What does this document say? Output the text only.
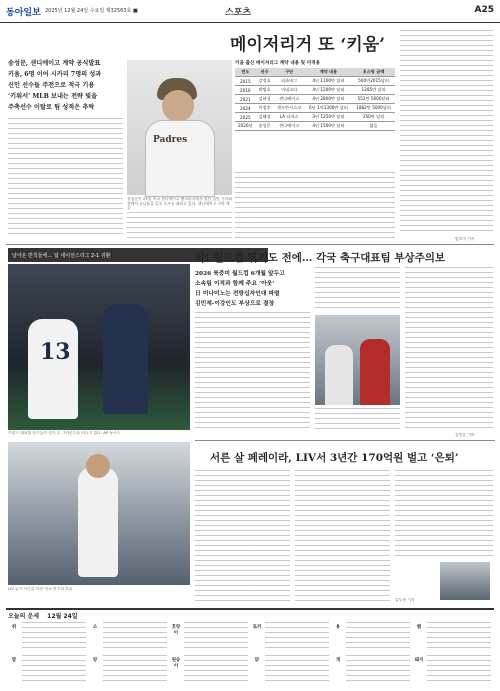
동아일보 2025년 12월 24일 수요일 제32563호 ■	스포츠	A25
메이저리거 또 ‘키움’
송성문, 샌디에이고 계약 공식발표
키움, 6명 이어 시카리 7명의 성과
신인 선수들 주전으로 적극 기용
‘키워서’ MLB 보내는 전략 빛을
주축선수 이탈로 팀 성적은 추락
Padres
송성문이 23일 미국 샌디에이고 펫코파크에서 열린 입단 기자회견에서 유니폼을 입고 포즈를 취하고 있다. 샌디에이고 구단 제공
키움 출신 메이저리그 계약 내용 및 미적용
연도	선수	구단	계약 내용	포스팅 금액
2015	강정호	피츠버그	4년 1100만 달러	500만2015달러
2016	박병호	미네소타	4년 1200만 달러	1285만 달러
2021	김하성	샌디에이고	4년 2800만 달러	552만 5000달러
2024	이정후	샌프란시스코	6년 1억1300만 달러	1882만 5000달러
2025	김혜성	LA 다저스	3년 1250만 달러	250만 달러
2026년	송성문	샌디에이고	4년 1500만 달러	없음
임보미 기자
날아온 반칙들에… 팀 네이션스리그 2-1 귀환
13
악! 월드컵 뛰기도 전에… 각국 축구대표팀 부상주의보
2026 북중미 월드컵 6개월 앞두고
소속팀 이적과 함께 주요 ‘아웃’
日 미나미노는 전방십자인대 파열
김민재-이강인도 부상으로 결장
프랑스 대표팀 선수들이 경기 후 그라운드를 떠나고 있다. AP 뉴시스	김정훈 기자
서른 살 페레이라, LIV서 3년간 170억원 벌고 ‘은퇴’
LIV 골프 시즌을 마친 미국 선수의 모습
김도형 기자
오늘의 운세 12월 24일
쥐	소	호랑이
토끼	용	뱀
말	양	원숭이
닭	개	돼지
